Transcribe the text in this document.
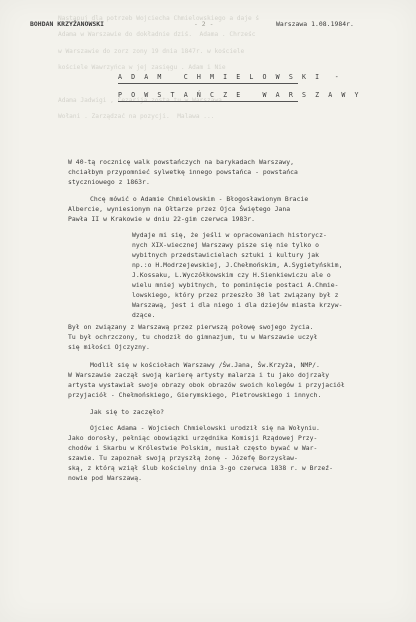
Nastąpuj dla potrzeb Wojciecha Chmielowskiego a daje ś
Adama w Warszawie do dokładnie dziś.  Adama . Chrześc
w Warszawie do zorz zony 19 dnia 1847r. w kościele
kościele Wawrzyńca w jej zasięgu . Adam i Nie
Adama Jadwigi , Cezarija zosta tu w Warszawa
Wołani . Zarządzać na pozycji.  Malawa ...
BOHDAN KRZYŻANOWSKI	- 2 -	Warszawa 1.08.1984r.
A D A M   C H M I E L O W S K I  -
P O W S T A Ń C Z E   W A R S Z A W Y
W 40-tą rocznicę walk powstańczych na barykadach Warszawy,
chciałbym przypomnieć sylwetkę innego powstańca - powstańca
styczniowego z 1863r.
Chcę mówić o Adamie Chmielowskim - Błogosławionym Bracie
Albercie, wyniesionym na Ołtarze przez Ojca Świętego Jana
Pawła II w Krakowie w dniu 22-gim czerwca 1983r.
Wydaje mi się, że jeśli w opracowaniach historycz-
nych XIX-wiecznej Warszawy pisze się nie tylko o
wybitnych przedstawicielach sztuki i kultury jak
np.:o H.Modrzejewskiej, J.Chełmońskim, A.Sygietyńskim,
J.Kossaku, L.Wyczółkowskim czy H.Sienkiewiczu ale o
wielu mniej wybitnych, to pominięcie postaci A.Chmie-
lowskiego, który przez przeszło 30 lat związany był z
Warszawą, jest i dla niego i dla dziejów miasta krzyw-
dzące.
Był on związany z Warszawą przez pierwszą połowę swojego życia.
Tu był ochrzczony, tu chodził do gimnazjum, tu w Warszawie uczył
się miłości Ojczyzny.
Modlił się w kościołach Warszawy /Św.Jana, Św.Krzyża, NMP/.
W Warszawie zaczął swoją karierę artysty malarza i tu jako dojrzały
artysta wystawiał swoje obrazy obok obrazów swoich kolegów i przyjaciół
przyjaciół - Chełmońskiego, Gierymskiego, Pietrowskiego i innych.
Jak się to zaczęło?
Ojciec Adama - Wojciech Chmielowski urodził się na Wołyniu.
Jako dorosły, pełniąc obowiązki urzędnika Komisji Rządowej Przy-
chodów i Skarbu w Królestwie Polskim, musiał często bywać w War-
szawie. Tu zapoznał swoją przyszłą żonę - Józefę Borzysław-
ską, z którą wziął ślub kościelny dnia 3-go czerwca 1838 r. w Brzeź-
nowie pod Warszawą.
